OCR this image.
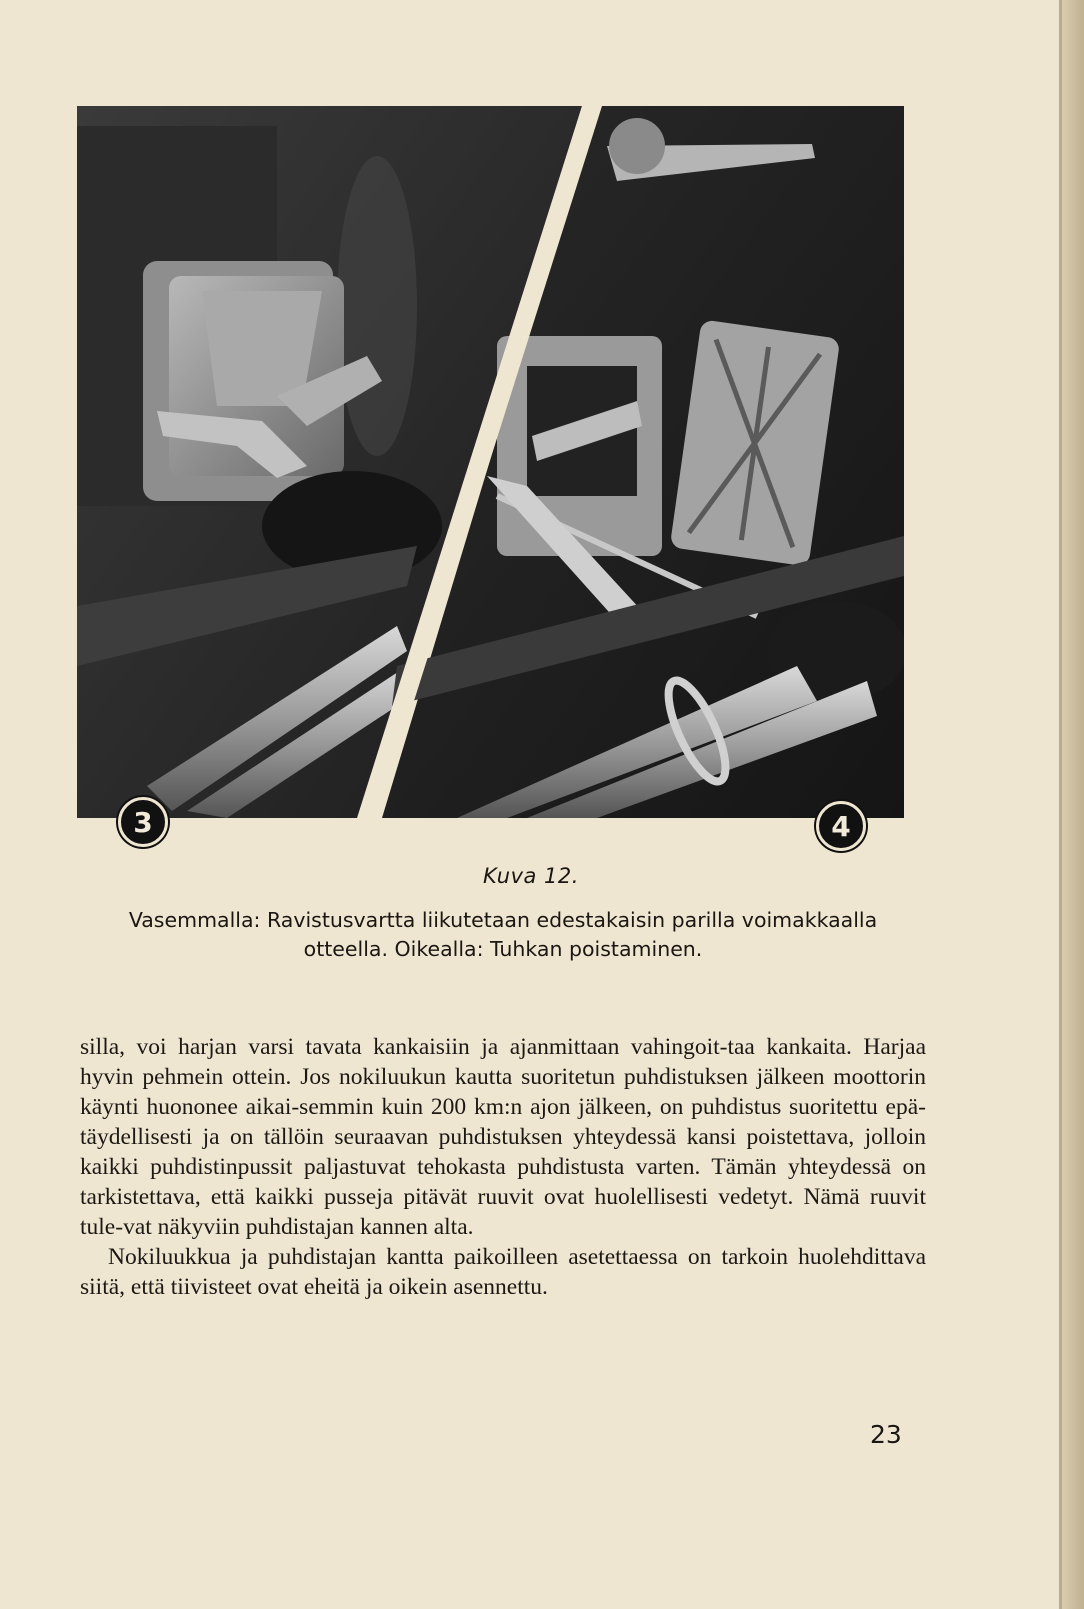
3	4
Kuva 12.
Vasemmalla: Ravistusvartta liikutetaan edestakaisin parilla voimakkaalla
otteella. Oikealla: Tuhkan poistaminen.

silla, voi harjan varsi tavata kankaisiin ja ajanmittaan vahingoit-taa kankaita. Harjaa hyvin pehmein ottein. Jos nokiluukun kautta suoritetun puhdistuksen jälkeen moottorin käynti huononee aikai-semmin kuin 200 km:n ajon jälkeen, on puhdistus suoritettu epä-täydellisesti ja on tällöin seuraavan puhdistuksen yhteydessä kansi poistettava, jolloin kaikki puhdistinpussit paljastuvat tehokasta puhdistusta varten. Tämän yhteydessä on tarkistettava, että kaikki pusseja pitävät ruuvit ovat huolellisesti vedetyt. Nämä ruuvit tule-vat näkyviin puhdistajan kannen alta.

Nokiluukkua ja puhdistajan kantta paikoilleen asetettaessa on tarkoin huolehdittava siitä, että tiivisteet ovat eheitä ja oikein asennettu.

23
